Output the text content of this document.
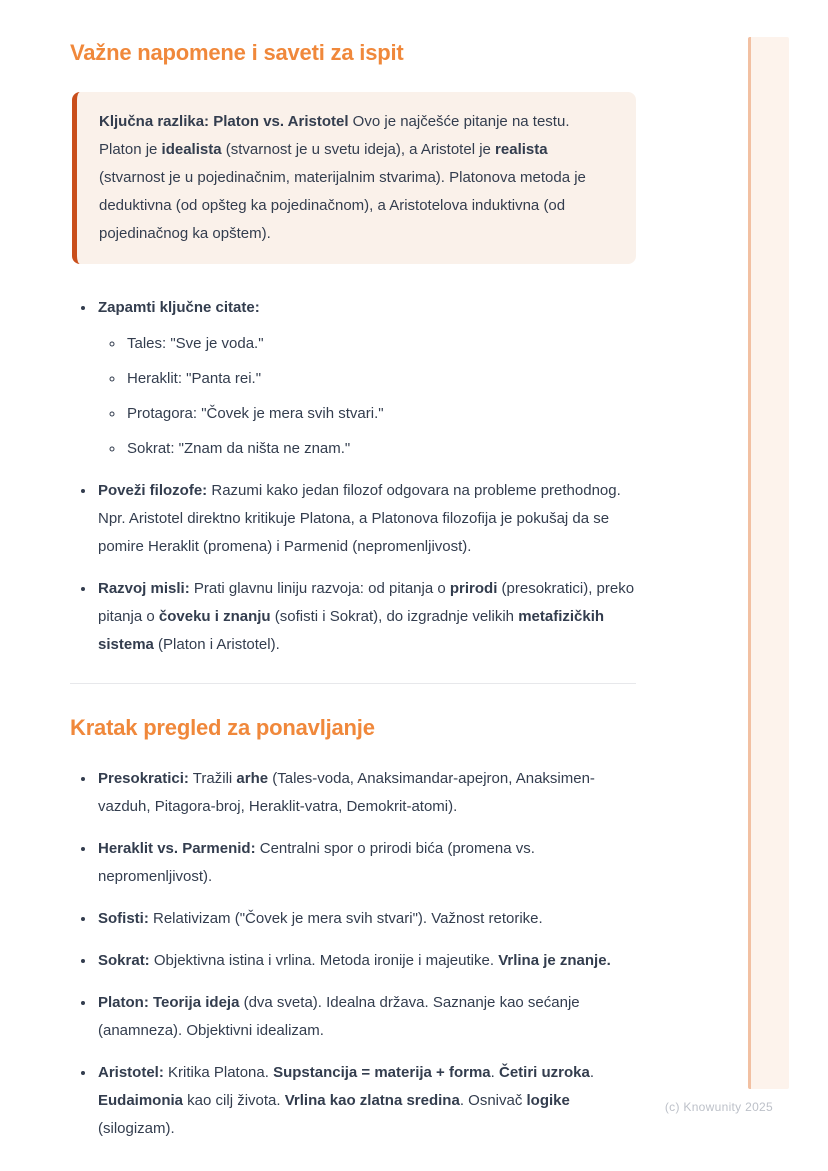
Važne napomene i saveti za ispit

Ključna razlika: Platon vs. Aristotel Ovo je najčešće pitanje na testu. Platon je idealista (stvarnost je u svetu ideja), a Aristotel je realista (stvarnost je u pojedinačnim, materijalnim stvarima). Platonova metoda je deduktivna (od opšteg ka pojedinačnom), a Aristotelova induktivna (od pojedinačnog ka opštem).

• Zapamti ključne citate:
◦ Tales: "Sve je voda."
◦ Heraklit: "Panta rei."
◦ Protagora: "Čovek je mera svih stvari."
◦ Sokrat: "Znam da ništa ne znam."
• Poveži filozofe: Razumi kako jedan filozof odgovara na probleme prethodnog. Npr. Aristotel direktno kritikuje Platona, a Platonova filozofija je pokušaj da se pomire Heraklit (promena) i Parmenid (nepromenljivost).
• Razvoj misli: Prati glavnu liniju razvoja: od pitanja o prirodi (presokratici), preko pitanja o čoveku i znanju (sofisti i Sokrat), do izgradnje velikih metafizičkih sistema (Platon i Aristotel).
Kratak pregled za ponavljanje
• Presokratici: Tražili arhe (Tales-voda, Anaksimandar-apejron, Anaksimen-vazduh, Pitagora-broj, Heraklit-vatra, Demokrit-atomi).
• Heraklit vs. Parmenid: Centralni spor o prirodi bića (promena vs. nepromenljivost).
• Sofisti: Relativizam ("Čovek je mera svih stvari"). Važnost retorike.
• Sokrat: Objektivna istina i vrlina. Metoda ironije i majeutike. Vrlina je znanje.
• Platon: Teorija ideja (dva sveta). Idealna država. Saznanje kao sećanje (anamneza). Objektivni idealizam.
• Aristotel: Kritika Platona. Supstancija = materija + forma. Četiri uzroka. Eudaimonia kao cilj života. Vrlina kao zlatna sredina. Osnivač logike (silogizam).
(c) Knowunity 2025
